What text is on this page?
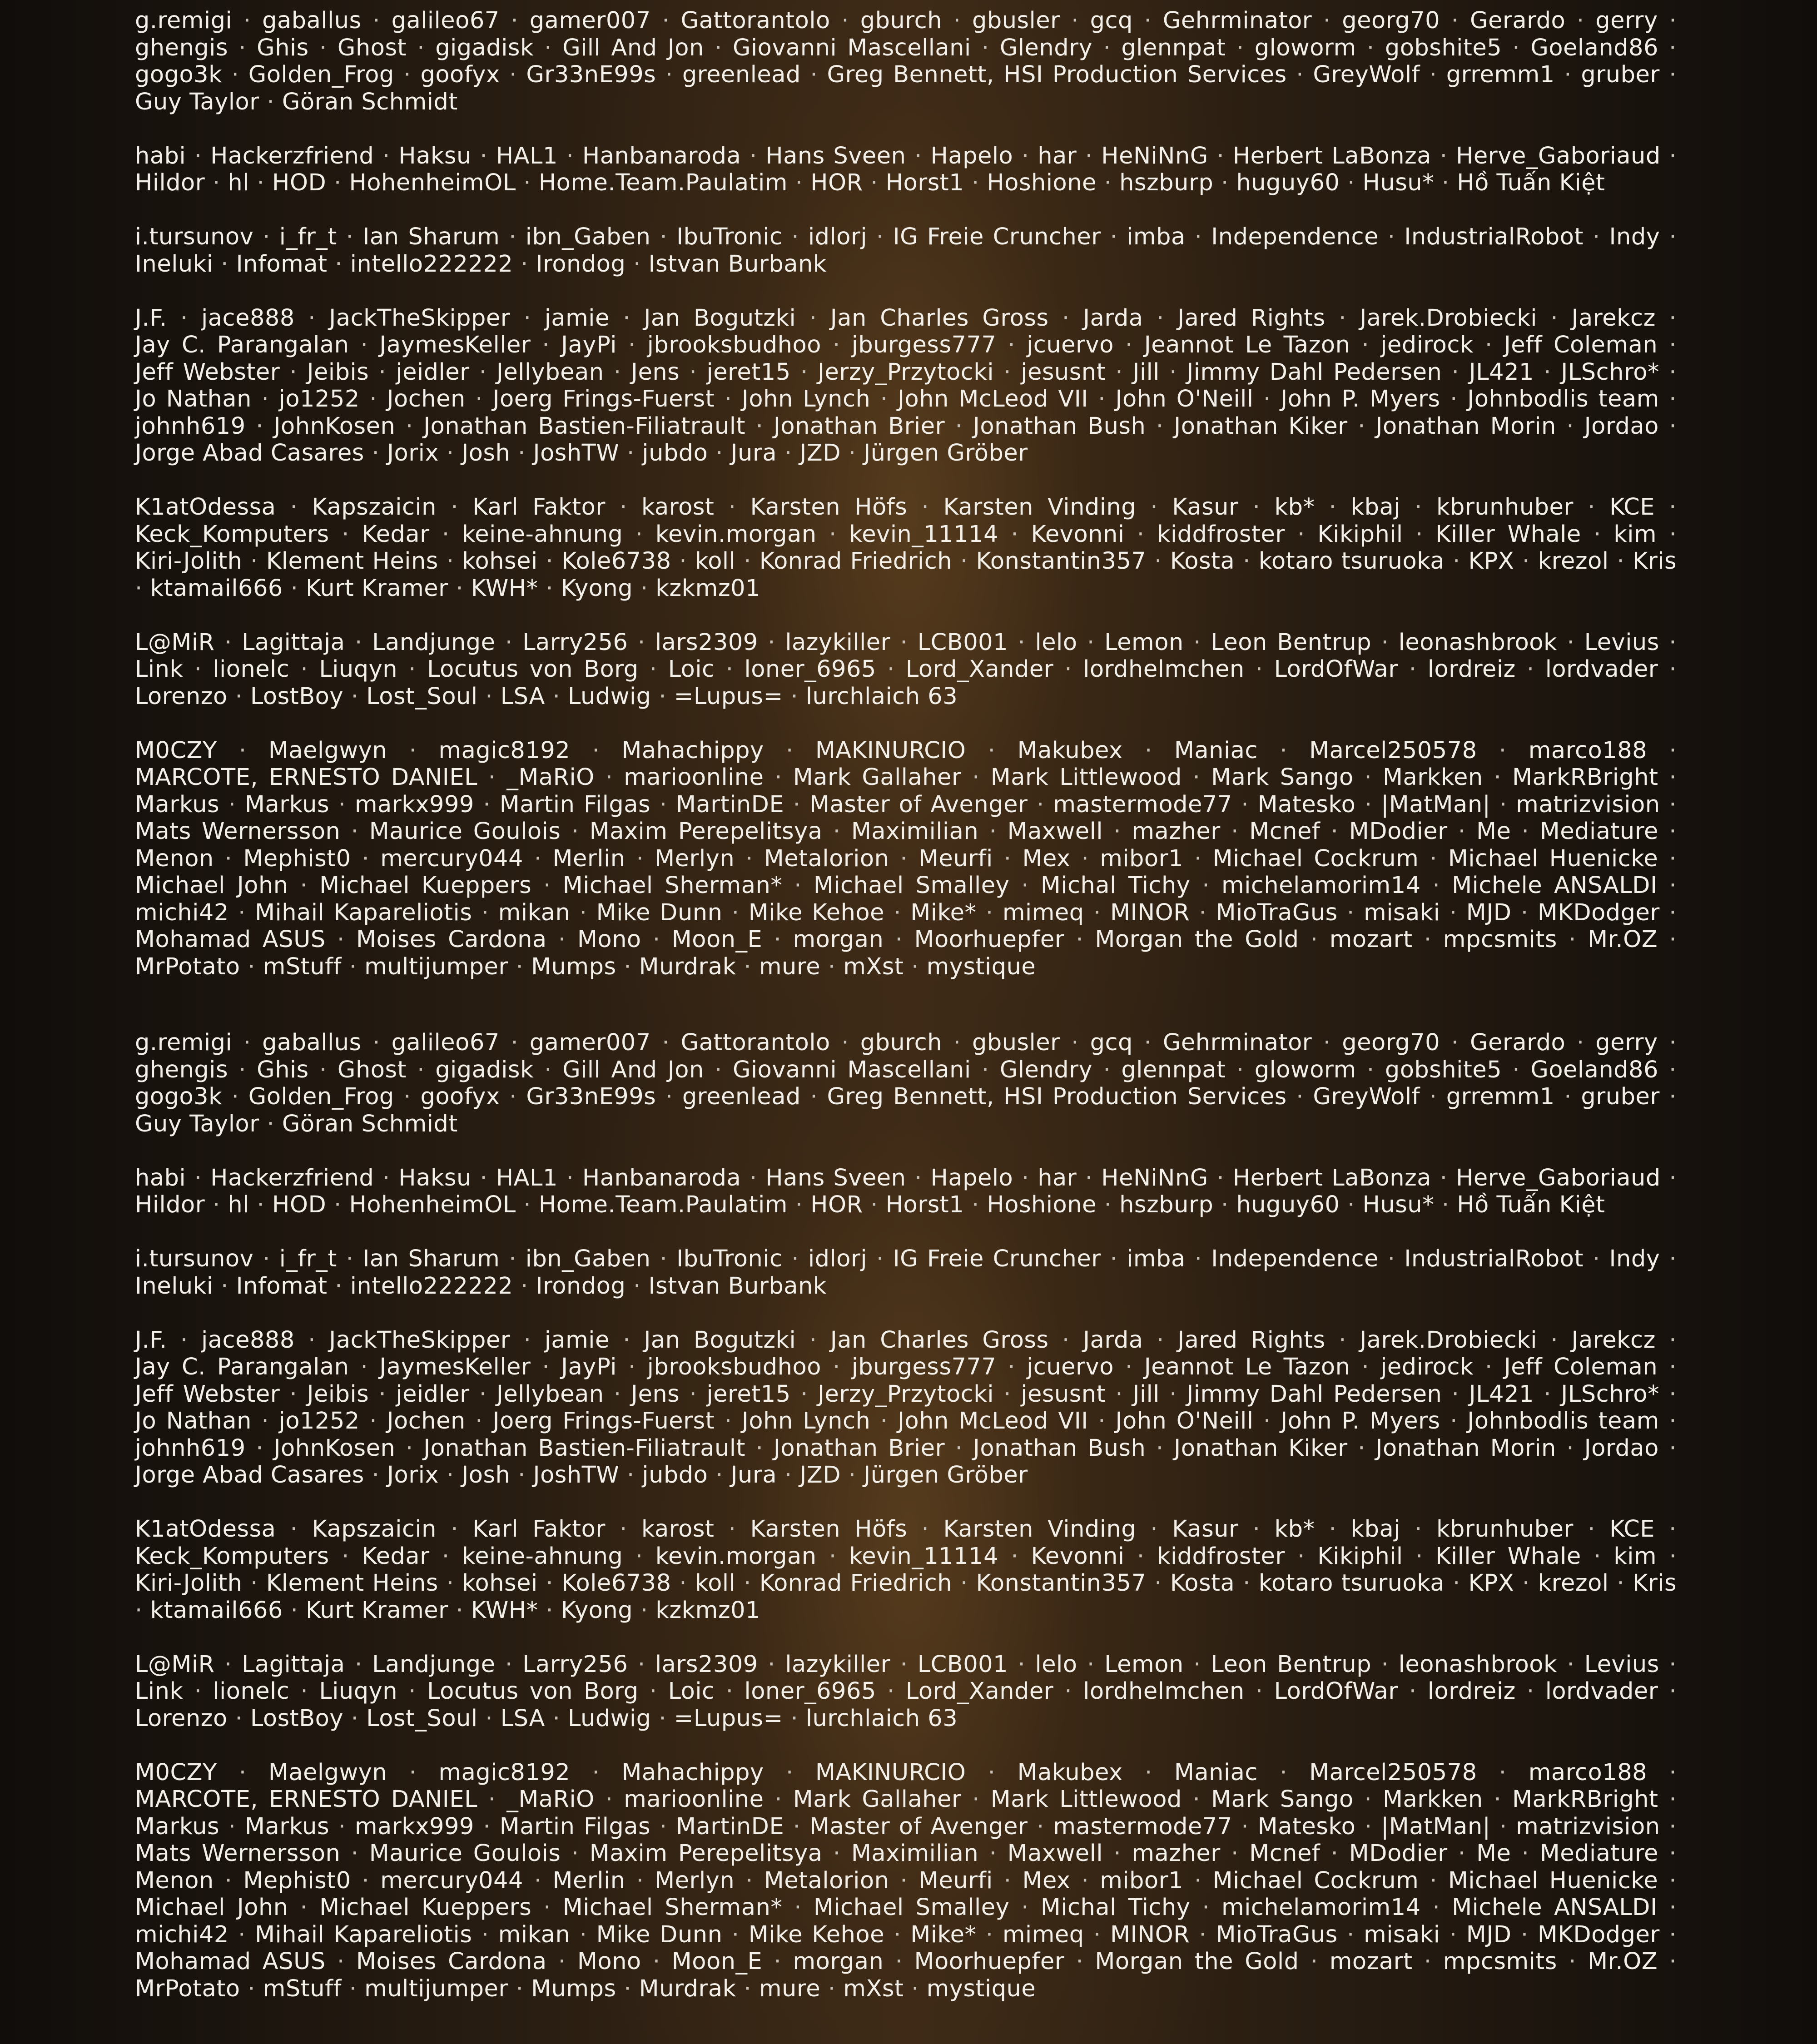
g.remigi · gaballus · galileo67 · gamer007 · Gattorantolo · gburch · gbusler · gcq · Gehrminator · georg70 · Gerardo · gerry · ghengis · Ghis · Ghost · gigadisk · Gill And Jon · Giovanni Mascellani · Glendry · glennpat · gloworm · gobshite5 · Goeland86 · gogo3k · Golden_Frog · goofyx · Gr33nE99s · greenlead · Greg Bennett, HSI Production Services · GreyWolf · grremm1 · gruber · Guy Taylor · Göran Schmidt
habi · Hackerzfriend · Haksu · HAL1 · Hanbanaroda · Hans Sveen · Hapelo · har · HeNiNnG · Herbert LaBonza · Herve_Gaboriaud · Hildor · hl · HOD · HohenheimOL · Home.Team.Paulatim · HOR · Horst1 · Hoshione · hszburp · huguy60 · Husu* · Hồ Tuấn Kiệt
i.tursunov · i_fr_t · Ian Sharum · ibn_Gaben · IbuTronic · idlorj · IG Freie Cruncher · imba · Independence · IndustrialRobot · Indy · Ineluki · Infomat · intello222222 · Irondog · Istvan Burbank
J.F. · jace888 · JackTheSkipper · jamie · Jan Bogutzki · Jan Charles Gross · Jarda · Jared Rights · Jarek.Drobiecki · Jarekcz · Jay C. Parangalan · JaymesKeller · JayPi · jbrooksbudhoo · jburgess777 · jcuervo · Jeannot Le Tazon · jedirock · Jeff Coleman · Jeff Webster · Jeibis · jeidler · Jellybean · Jens · jeret15 · Jerzy_Przytocki · jesusnt · Jill · Jimmy Dahl Pedersen · JL421 · JLSchro* · Jo Nathan · jo1252 · Jochen · Joerg Frings-Fuerst · John Lynch · John McLeod VII · John O'Neill · John P. Myers · Johnbodlis team · johnh619 · JohnKosen · Jonathan Bastien-Filiatrault · Jonathan Brier · Jonathan Bush · Jonathan Kiker · Jonathan Morin · Jordao · Jorge Abad Casares · Jorix · Josh · JoshTW · jubdo · Jura · JZD · Jürgen Gröber
K1atOdessa · Kapszaicin · Karl Faktor · karost · Karsten Höfs · Karsten Vinding · Kasur · kb* · kbaj · kbrunhuber · KCE · Keck_Komputers · Kedar · keine-ahnung · kevin.morgan · kevin_11114 · Kevonni · kiddfroster · Kikiphil · Killer Whale · kim · Kiri-Jolith · Klement Heins · kohsei · Kole6738 · koll · Konrad Friedrich · Konstantin357 · Kosta · kotaro tsuruoka · KPX · krezol · Kris · ktamail666 · Kurt Kramer · KWH* · Kyong · kzkmz01
L@MiR · Lagittaja · Landjunge · Larry256 · lars2309 · lazykiller · LCB001 · lelo · Lemon · Leon Bentrup · leonashbrook · Levius · Link · lionelc · Liuqyn · Locutus von Borg · Loic · loner_6965 · Lord_Xander · lordhelmchen · LordOfWar · lordreiz · lordvader · Lorenzo · LostBoy · Lost_Soul · LSA · Ludwig · =Lupus= · lurchlaich 63
M0CZY · Maelgwyn · magic8192 · Mahachippy · MAKINURCIO · Makubex · Maniac · Marcel250578 · marco188 · MARCOTE, ERNESTO DANIEL · _MaRiO · marioonline · Mark Gallaher · Mark Littlewood · Mark Sango · Markken · MarkRBright · Markus · Markus · markx999 · Martin Filgas · MartinDE · Master of Avenger · mastermode77 · Matesko · |MatMan| · matrizvision · Mats Wernersson · Maurice Goulois · Maxim Perepelitsya · Maximilian · Maxwell · mazher · Mcnef · MDodier · Me · Mediature · Menon · Mephist0 · mercury044 · Merlin · Merlyn · Metalorion · Meurfi · Mex · mibor1 · Michael Cockrum · Michael Huenicke · Michael John · Michael Kueppers · Michael Sherman* · Michael Smalley · Michal Tichy · michelamorim14 · Michele ANSALDI · michi42 · Mihail Kapareliotis · mikan · Mike Dunn · Mike Kehoe · Mike* · mimeq · MINOR · MioTraGus · misaki · MJD · MKDodger · Mohamad ASUS · Moises Cardona · Mono · Moon_E · morgan · Moorhuepfer · Morgan the Gold · mozart · mpcsmits · Mr.OZ · MrPotato · mStuff · multijumper · Mumps · Murdrak · mure · mXst · mystique
g.remigi · gaballus · galileo67 · gamer007 · Gattorantolo · gburch · gbusler · gcq · Gehrminator · georg70 · Gerardo · gerry · ghengis · Ghis · Ghost · gigadisk · Gill And Jon · Giovanni Mascellani · Glendry · glennpat · gloworm · gobshite5 · Goeland86 · gogo3k · Golden_Frog · goofyx · Gr33nE99s · greenlead · Greg Bennett, HSI Production Services · GreyWolf · grremm1 · gruber · Guy Taylor · Göran Schmidt
habi · Hackerzfriend · Haksu · HAL1 · Hanbanaroda · Hans Sveen · Hapelo · har · HeNiNnG · Herbert LaBonza · Herve_Gaboriaud · Hildor · hl · HOD · HohenheimOL · Home.Team.Paulatim · HOR · Horst1 · Hoshione · hszburp · huguy60 · Husu* · Hồ Tuấn Kiệt
i.tursunov · i_fr_t · Ian Sharum · ibn_Gaben · IbuTronic · idlorj · IG Freie Cruncher · imba · Independence · IndustrialRobot · Indy · Ineluki · Infomat · intello222222 · Irondog · Istvan Burbank
J.F. · jace888 · JackTheSkipper · jamie · Jan Bogutzki · Jan Charles Gross · Jarda · Jared Rights · Jarek.Drobiecki · Jarekcz · Jay C. Parangalan · JaymesKeller · JayPi · jbrooksbudhoo · jburgess777 · jcuervo · Jeannot Le Tazon · jedirock · Jeff Coleman · Jeff Webster · Jeibis · jeidler · Jellybean · Jens · jeret15 · Jerzy_Przytocki · jesusnt · Jill · Jimmy Dahl Pedersen · JL421 · JLSchro* · Jo Nathan · jo1252 · Jochen · Joerg Frings-Fuerst · John Lynch · John McLeod VII · John O'Neill · John P. Myers · Johnbodlis team · johnh619 · JohnKosen · Jonathan Bastien-Filiatrault · Jonathan Brier · Jonathan Bush · Jonathan Kiker · Jonathan Morin · Jordao · Jorge Abad Casares · Jorix · Josh · JoshTW · jubdo · Jura · JZD · Jürgen Gröber
K1atOdessa · Kapszaicin · Karl Faktor · karost · Karsten Höfs · Karsten Vinding · Kasur · kb* · kbaj · kbrunhuber · KCE · Keck_Komputers · Kedar · keine-ahnung · kevin.morgan · kevin_11114 · Kevonni · kiddfroster · Kikiphil · Killer Whale · kim · Kiri-Jolith · Klement Heins · kohsei · Kole6738 · koll · Konrad Friedrich · Konstantin357 · Kosta · kotaro tsuruoka · KPX · krezol · Kris · ktamail666 · Kurt Kramer · KWH* · Kyong · kzkmz01
L@MiR · Lagittaja · Landjunge · Larry256 · lars2309 · lazykiller · LCB001 · lelo · Lemon · Leon Bentrup · leonashbrook · Levius · Link · lionelc · Liuqyn · Locutus von Borg · Loic · loner_6965 · Lord_Xander · lordhelmchen · LordOfWar · lordreiz · lordvader · Lorenzo · LostBoy · Lost_Soul · LSA · Ludwig · =Lupus= · lurchlaich 63
M0CZY · Maelgwyn · magic8192 · Mahachippy · MAKINURCIO · Makubex · Maniac · Marcel250578 · marco188 · MARCOTE, ERNESTO DANIEL · _MaRiO · marioonline · Mark Gallaher · Mark Littlewood · Mark Sango · Markken · MarkRBright · Markus · Markus · markx999 · Martin Filgas · MartinDE · Master of Avenger · mastermode77 · Matesko · |MatMan| · matrizvision · Mats Wernersson · Maurice Goulois · Maxim Perepelitsya · Maximilian · Maxwell · mazher · Mcnef · MDodier · Me · Mediature · Menon · Mephist0 · mercury044 · Merlin · Merlyn · Metalorion · Meurfi · Mex · mibor1 · Michael Cockrum · Michael Huenicke · Michael John · Michael Kueppers · Michael Sherman* · Michael Smalley · Michal Tichy · michelamorim14 · Michele ANSALDI · michi42 · Mihail Kapareliotis · mikan · Mike Dunn · Mike Kehoe · Mike* · mimeq · MINOR · MioTraGus · misaki · MJD · MKDodger · Mohamad ASUS · Moises Cardona · Mono · Moon_E · morgan · Moorhuepfer · Morgan the Gold · mozart · mpcsmits · Mr.OZ · MrPotato · mStuff · multijumper · Mumps · Murdrak · mure · mXst · mystique
